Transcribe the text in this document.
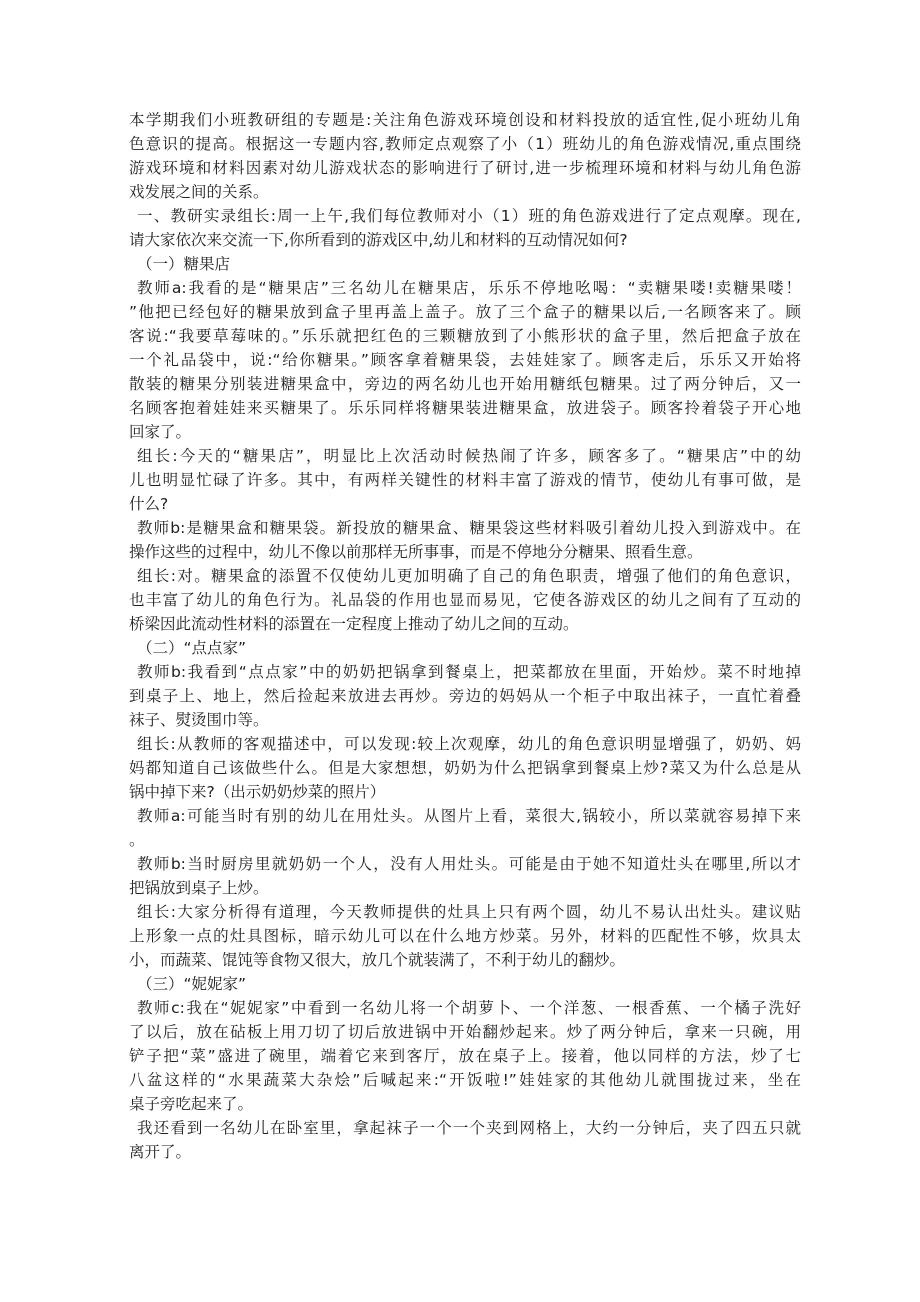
本学期我们小班教研组的专题是:关注角色游戏环境创设和材料投放的适宜性,促小班幼儿角
色意识的提高。根据这一专题内容,教师定点观察了小（1）班幼儿的角色游戏情况,重点围绕
游戏环境和材料因素对幼儿游戏状态的影响进行了研讨,进一步梳理环境和材料与幼儿角色游
戏发展之间的关系。
一、教研实录组长:周一上午,我们每位教师对小（1）班的角色游戏进行了定点观摩。现在,
请大家依次来交流一下,你所看到的游戏区中,幼儿和材料的互动情况如何?
（一）糖果店
教师a:我看的是“糖果店”三名幼儿在糖果店，乐乐不停地吆喝：“卖糖果喽!卖糖果喽！
”他把已经包好的糖果放到盒子里再盖上盖子。放了三个盒子的糖果以后,一名顾客来了。顾
客说:“我要草莓味的。”乐乐就把红色的三颗糖放到了小熊形状的盒子里，然后把盒子放在
一个礼品袋中，说:“给你糖果。”顾客拿着糖果袋，去娃娃家了。顾客走后，乐乐又开始将
散装的糖果分别装进糖果盒中，旁边的两名幼儿也开始用糖纸包糖果。过了两分钟后，又一
名顾客抱着娃娃来买糖果了。乐乐同样将糖果装进糖果盒，放进袋子。顾客拎着袋子开心地
回家了。
组长:今天的“糖果店”，明显比上次活动时候热闹了许多，顾客多了。“糖果店”中的幼
儿也明显忙碌了许多。其中，有两样关键性的材料丰富了游戏的情节，使幼儿有事可做，是
什么?
教师b:是糖果盒和糖果袋。新投放的糖果盒、糖果袋这些材料吸引着幼儿投入到游戏中。在
操作这些的过程中，幼儿不像以前那样无所事事，而是不停地分分糖果、照看生意。
组长:对。糖果盒的添置不仅使幼儿更加明确了自己的角色职责，增强了他们的角色意识，
也丰富了幼儿的角色行为。礼品袋的作用也显而易见，它使各游戏区的幼儿之间有了互动的
桥梁因此流动性材料的添置在一定程度上推动了幼儿之间的互动。
（二）“点点家”
教师b:我看到“点点家”中的奶奶把锅拿到餐桌上，把菜都放在里面，开始炒。菜不时地掉
到桌子上、地上，然后捡起来放进去再炒。旁边的妈妈从一个柜子中取出袜子，一直忙着叠
袜子、熨烫围巾等。
组长:从教师的客观描述中，可以发现:较上次观摩，幼儿的角色意识明显增强了，奶奶、妈
妈都知道自己该做些什么。但是大家想想，奶奶为什么把锅拿到餐桌上炒?菜又为什么总是从
锅中掉下来?（出示奶奶炒菜的照片）
教师a:可能当时有别的幼儿在用灶头。从图片上看，菜很大,锅较小，所以菜就容易掉下来
。
教师b:当时厨房里就奶奶一个人，没有人用灶头。可能是由于她不知道灶头在哪里,所以才
把锅放到桌子上炒。
组长:大家分析得有道理，今天教师提供的灶具上只有两个圆，幼儿不易认出灶头。建议贴
上形象一点的灶具图标，暗示幼儿可以在什么地方炒菜。另外，材料的匹配性不够，炊具太
小，而蔬菜、馄饨等食物又很大，放几个就装满了，不利于幼儿的翻炒。
（三）“妮妮家”
教师c:我在“妮妮家”中看到一名幼儿将一个胡萝卜、一个洋葱、一根香蕉、一个橘子洗好
了以后，放在砧板上用刀切了切后放进锅中开始翻炒起来。炒了两分钟后，拿来一只碗，用
铲子把“菜”盛进了碗里，端着它来到客厅，放在桌子上。接着，他以同样的方法，炒了七
八盆这样的“水果蔬菜大杂烩”后喊起来:“开饭啦!”娃娃家的其他幼儿就围拢过来，坐在
桌子旁吃起来了。
我还看到一名幼儿在卧室里，拿起袜子一个一个夹到网格上，大约一分钟后，夹了四五只就
离开了。
